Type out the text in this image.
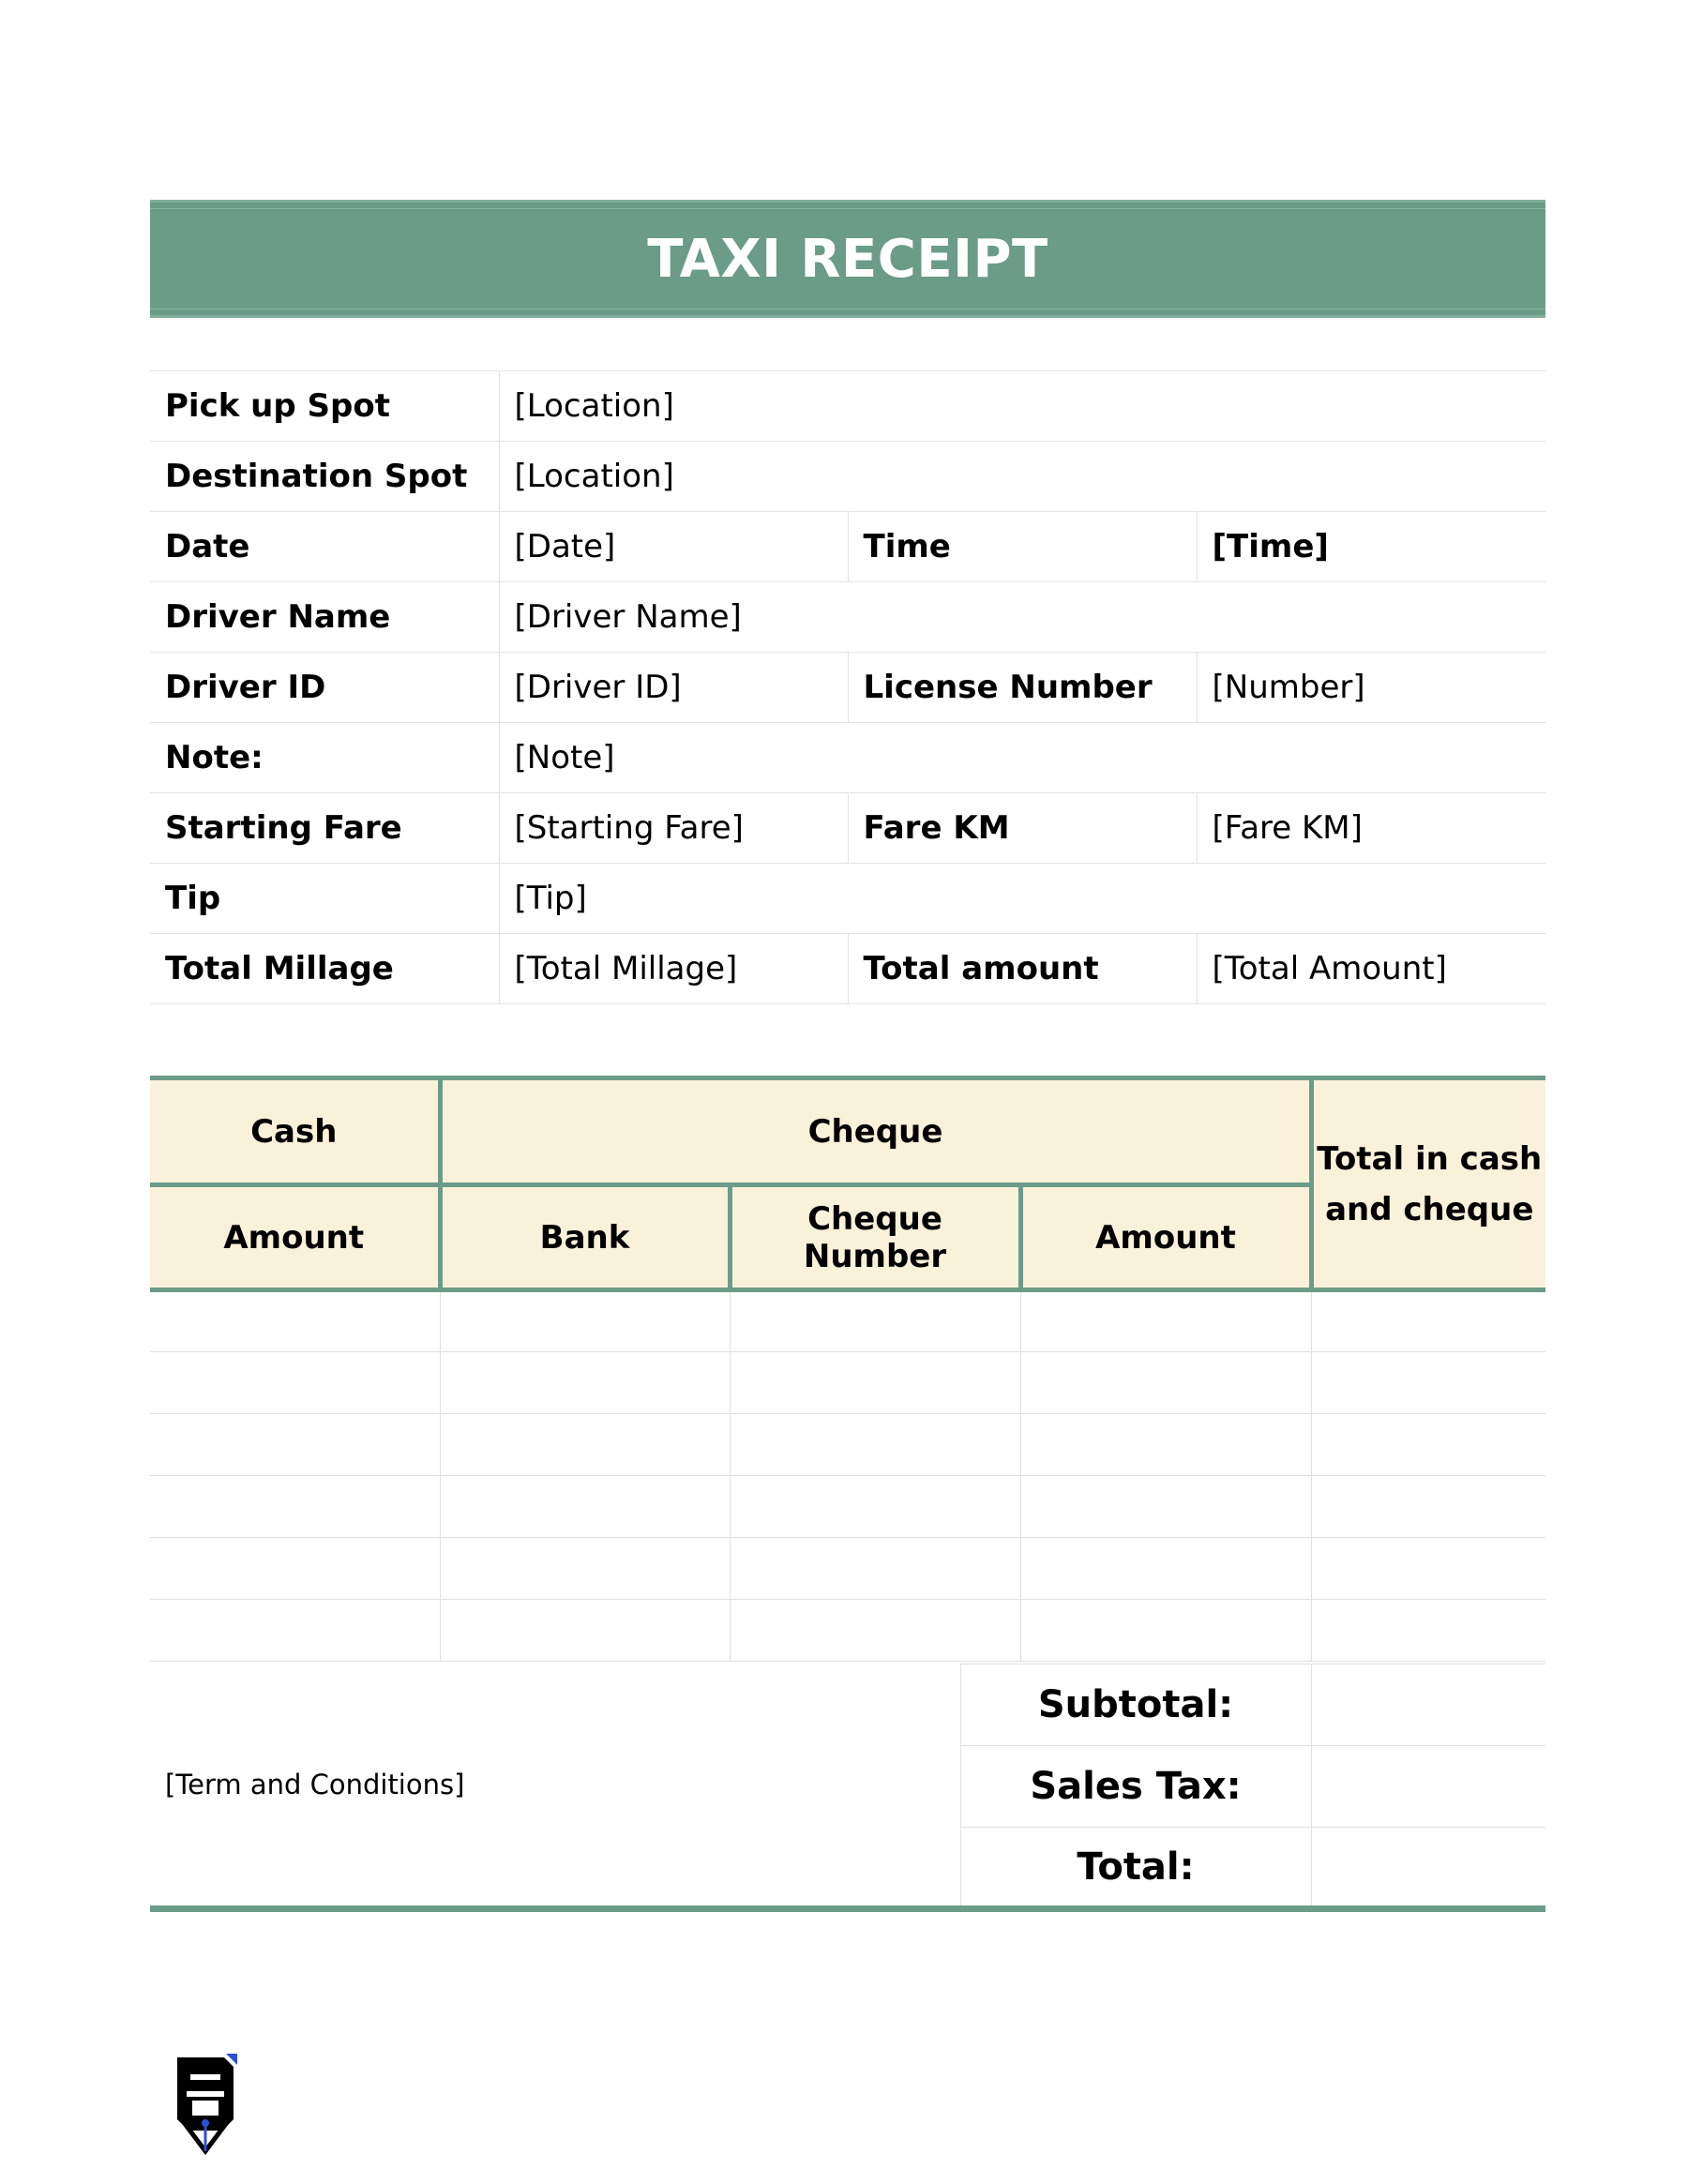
TAXI RECEIPT
Pick up Spot	[Location]		
Destination Spot	[Location]		
Date	[Date]	Time	[Time]
Driver Name	[Driver Name]		
Driver ID	[Driver ID]	License Number	[Number]
Note:	[Note]		
Starting Fare	[Starting Fare]	Fare KM	[Fare KM]
Tip	[Tip]		
Total Millage	[Total Millage]	Total amount	[Total Amount]
Cash	Cheque			Total in cash and cheque
Amount	Bank	Cheque Number	Amount	

[Term and Conditions]	Subtotal:	
	Sales Tax:	
	Total:	
